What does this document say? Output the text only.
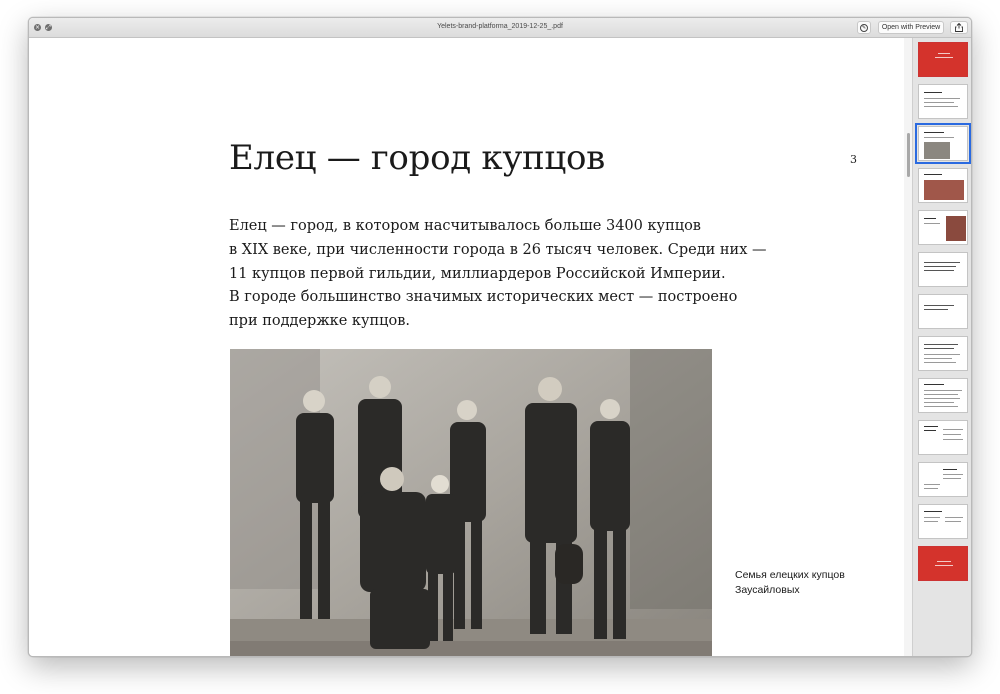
× ⤢	Yelets-brand-platforma_2019-12-25_.pdf	✎	Open with Preview
Елец — город купцов	3
Елец — город, в котором насчитывалось больше 3400 купцов
в XIX веке, при численности города в 26 тысяч человек. Среди них —
11 купцов первой гильдии, миллиардеров Российской Империи.
В городе большинство значимых исторических мест — построено
при поддержке купцов.
Семья елецких купцов
Заусайловых
